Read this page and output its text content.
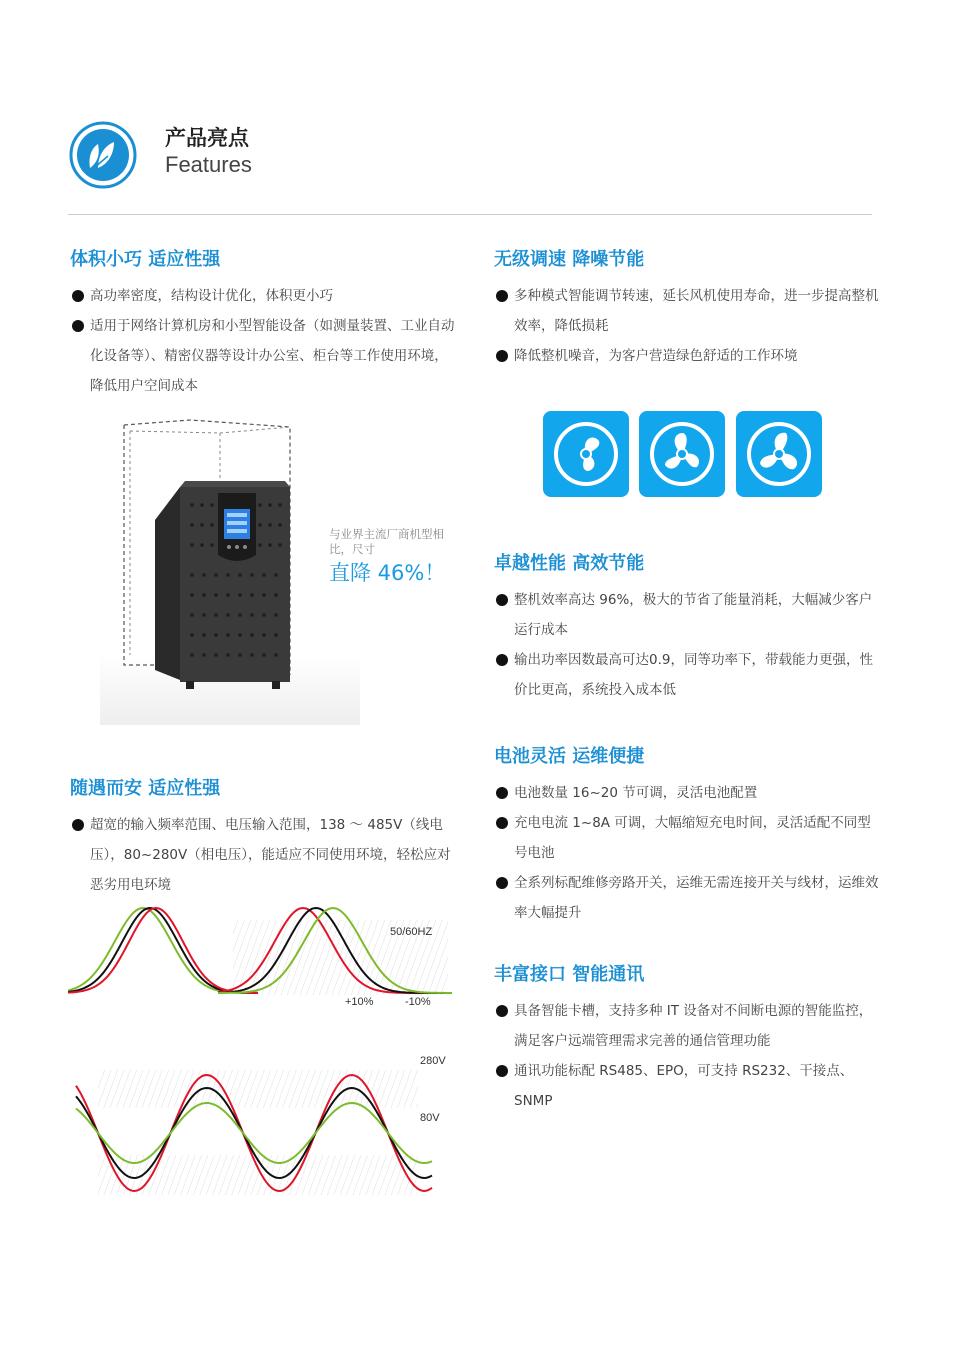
产品亮点
Features
体积小巧 适应性强
高功率密度，结构设计优化，体积更小巧
适用于网络计算机房和小型智能设备（如测量装置、工业自动化设备等）、精密仪器等设计办公室、柜台等工作使用环境，降低用户空间成本
与业界主流厂商机型相比，尺寸
直降 46%！
无级调速 降噪节能
多种模式智能调节转速，延长风机使用寿命，进一步提高整机效率，降低损耗
降低整机噪音，为客户营造绿色舒适的工作环境
卓越性能 高效节能
整机效率高达 96%，极大的节省了能量消耗，大幅减少客户运行成本
输出功率因数最高可达0.9，同等功率下，带载能力更强，性价比更高，系统投入成本低
电池灵活 运维便捷
电池数量 16~20 节可调，灵活电池配置
充电电流 1~8A 可调，大幅缩短充电时间，灵活适配不同型号电池
全系列标配维修旁路开关，运维无需连接开关与线材，运维效率大幅提升
随遇而安 适应性强
超宽的输入频率范围、电压输入范围，138 ～ 485V（线电压），80~280V（相电压），能适应不同使用环境，轻松应对恶劣用电环境
50/60HZ
+10%	-10%
280V
80V
丰富接口 智能通讯
具备智能卡槽，支持多种 IT 设备对不间断电源的智能监控，满足客户远端管理需求完善的通信管理功能
通讯功能标配 RS485、EPO，可支持 RS232、干接点、SNMP
